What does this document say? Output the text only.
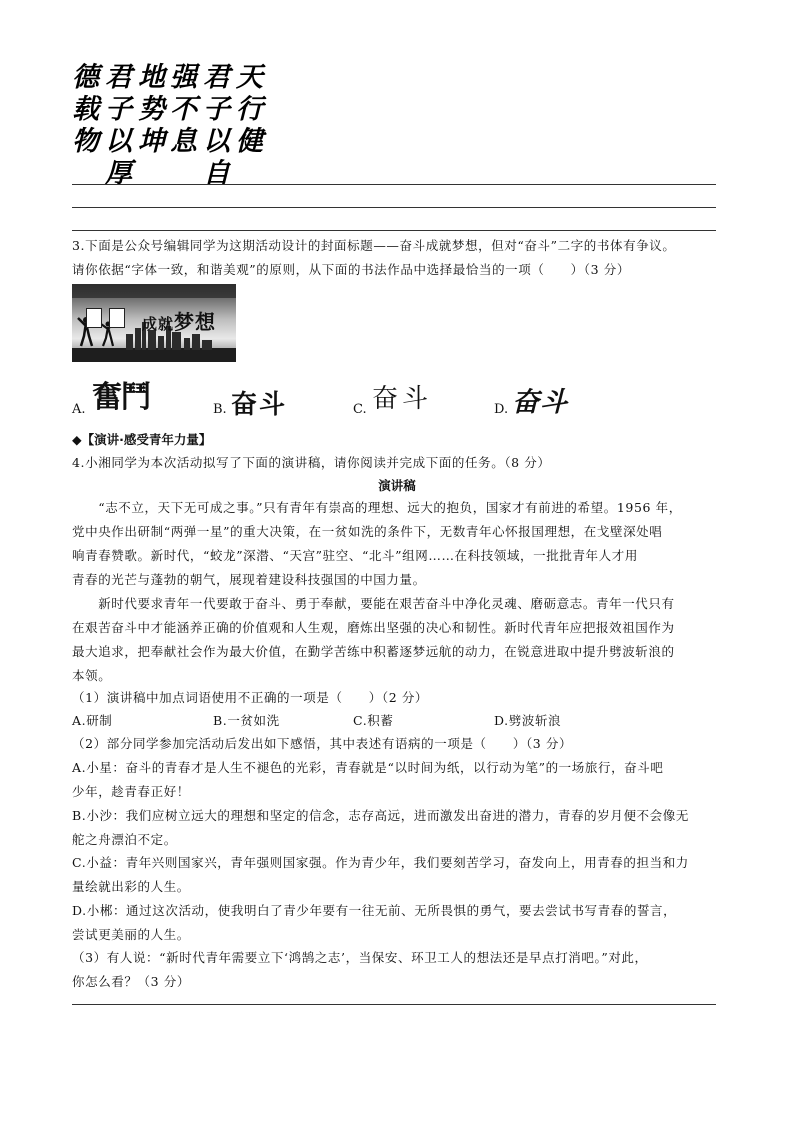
天
行
健
君
子
以
自
强
不
息
地
势
坤
君
子
以
厚
德
载
物
3.下面是公众号编辑同学为这期活动设计的封面标题——奋斗成就梦想，但对“奋斗”二字的书体有争议。
请你依据“字体一致，和谐美观”的原则，从下面的书法作品中选择最恰当的一项（　　）（3 分）
成就梦想
A. 奮鬥	B. 奋斗	C. 奋斗	D. 奋斗
◆【演讲·感受青年力量】
4.小湘同学为本次活动拟写了下面的演讲稿，请你阅读并完成下面的任务。（8 分）
演讲稿
　　“志不立，天下无可成之事。”只有青年有崇高的理想、远大的抱负，国家才有前进的希望。1956 年，
党中央作出研制“两弹一星”的重大决策，在一贫如洗的条件下，无数青年心怀报国理想，在戈壁深处唱
响青春赞歌。新时代，“蛟龙”深潜、“天宫”驻空、“北斗”组网……在科技领域，一批批青年人才用
青春的光芒与蓬勃的朝气，展现着建设科技强国的中国力量。
　　新时代要求青年一代要敢于奋斗、勇于奉献，要能在艰苦奋斗中净化灵魂、磨砺意志。青年一代只有
在艰苦奋斗中才能涵养正确的价值观和人生观，磨炼出坚强的决心和韧性。新时代青年应把报效祖国作为
最大追求，把奉献社会作为最大价值，在勤学苦练中积蓄逐梦远航的动力，在锐意进取中提升劈波斩浪的
本领。
（1）演讲稿中加点词语使用不正确的一项是（　　）（2 分）
A.研制	B.一贫如洗	C.积蓄	D.劈波斩浪
（2）部分同学参加完活动后发出如下感悟，其中表述有语病的一项是（　　）（3 分）
A.小星：奋斗的青春才是人生不褪色的光彩，青春就是“以时间为纸，以行动为笔”的一场旅行，奋斗吧
少年，趁青春正好！
B.小沙：我们应树立远大的理想和坚定的信念，志存高远，进而激发出奋进的潜力，青春的岁月便不会像无
舵之舟漂泊不定。
C.小益：青年兴则国家兴，青年强则国家强。作为青少年，我们要刻苦学习，奋发向上，用青春的担当和力
量绘就出彩的人生。
D.小郴：通过这次活动，使我明白了青少年要有一往无前、无所畏惧的勇气，要去尝试书写青春的誓言，
尝试更美丽的人生。
（3）有人说：“新时代青年需要立下‘鸿鹄之志’，当保安、环卫工人的想法还是早点打消吧。”对此，
你怎么看？（3 分）
